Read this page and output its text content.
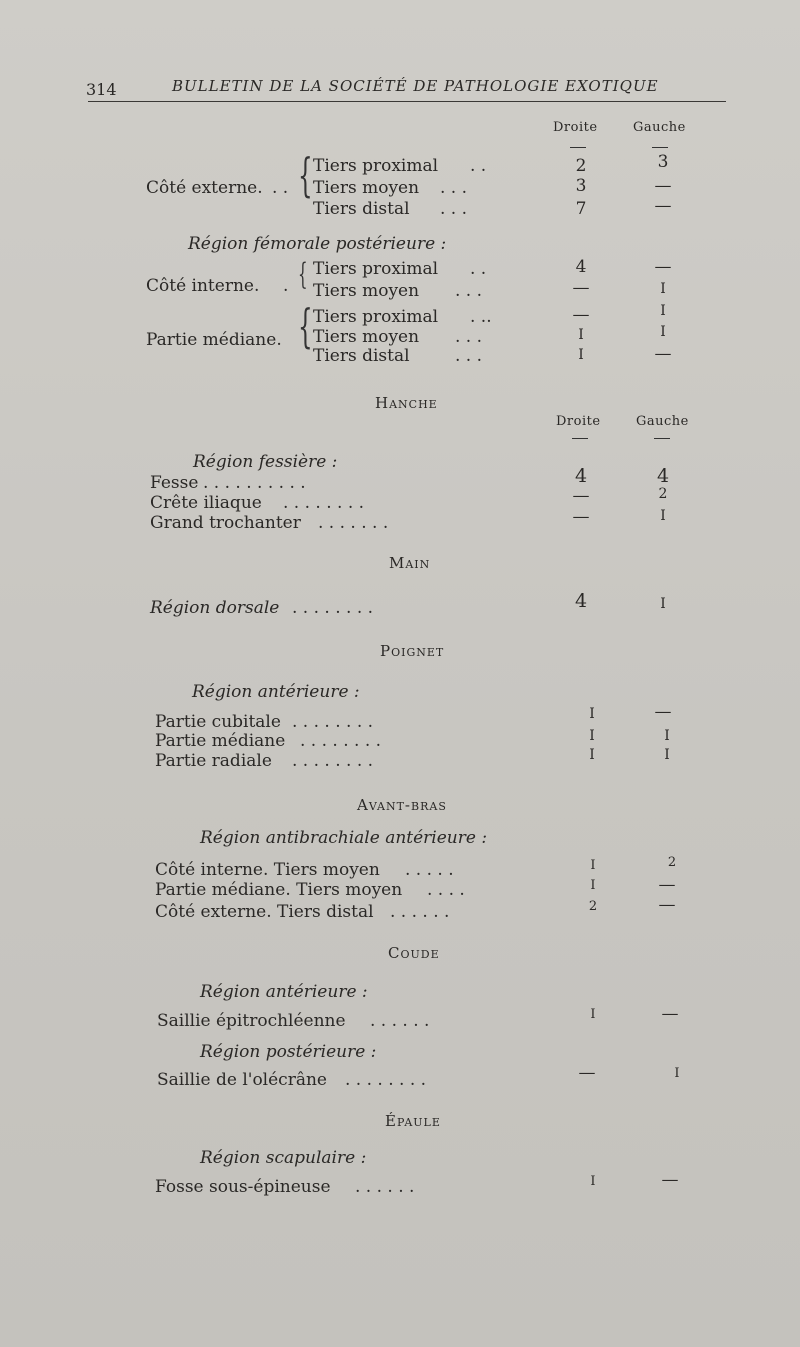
314	BULLETIN DE LA SOCIÉTÉ DE PATHOLOGIE EXOTIQUE
Droite	Gauche
Côté externe. . . { Tiers proximal . .	2	3
Tiers moyen . . .	3	—
Tiers distal . . .	7	—
Région fémorale postérieure :
Côté interne. . { Tiers proximal . .	4	—
Tiers moyen . . .	—	I
Partie médiane. { Tiers proximal . ..	—	I
Tiers moyen . . .	I	I
Tiers distal	. . .	I	—
Hanche
Droite	Gauche
Région fessière :
Fesse . . . . . . . . . .	4	4
Crête iliaque . . . . . . . .	—	2
Grand trochanter . . . . . . .	—	I
Main
Région dorsale . . . . . . . .	4	I
Poignet
Région antérieure :
Partie cubitale . . . . . . . .	I	—
Partie médiane . . . . . . . .	I	I
Partie radiale . . . . . . . .	I	I
Avant-bras
Région antibrachiale antérieure :
Côté interne. Tiers moyen . . . . .	I	2
Partie médiane. Tiers moyen . . . .	I	—
Côté externe. Tiers distal . . . . . .	2	—
Coude
Région antérieure :
Saillie épitrochléenne . . . . . .	I	—
Région postérieure :
Saillie de l'olécrâne . . . . . . . .	—	I
Épaule
Région scapulaire :
Fosse sous-épineuse . . . . . .	I	—
